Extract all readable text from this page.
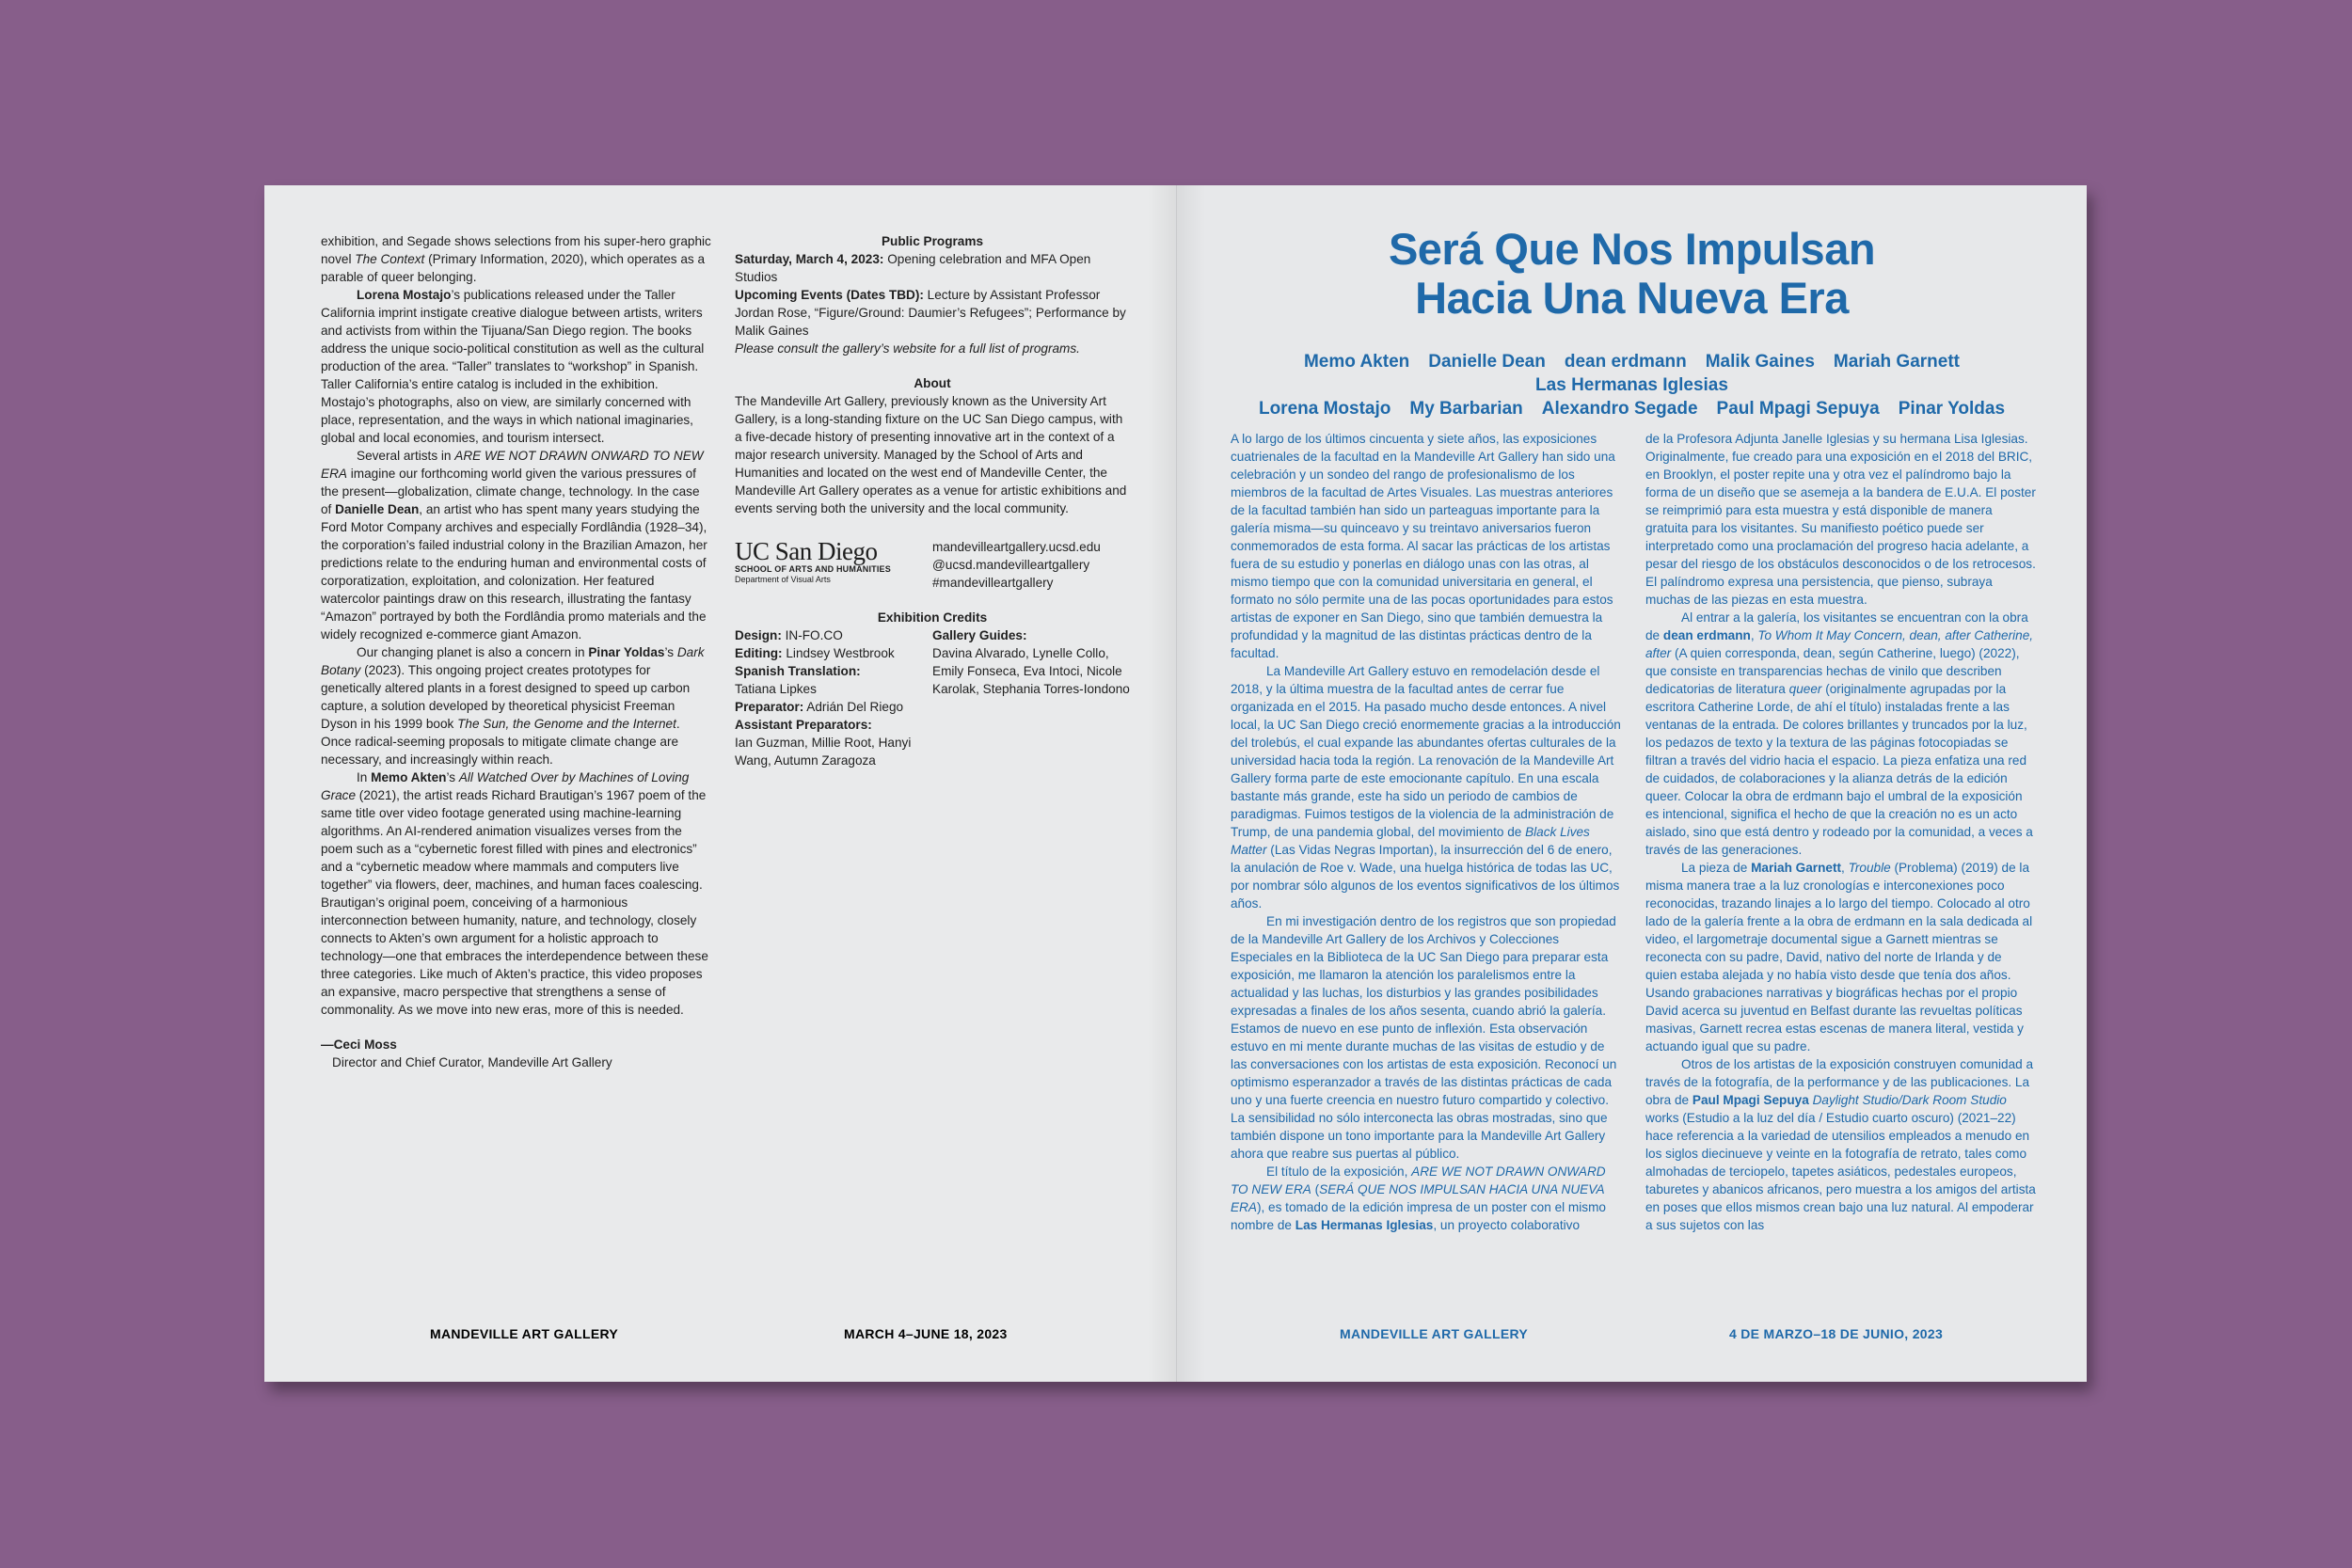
exhibition, and Segade shows selections from his super-hero graphic novel The Context (Primary Information, 2020), which operates as a parable of queer belonging.

Lorena Mostajo’s publications released under the Taller California imprint instigate creative dialogue between artists, writers and activists from within the Tijuana/San Diego region. The books address the unique socio-political constitution as well as the cultural production of the area. “Taller” translates to “workshop” in Spanish. Taller California’s entire catalog is included in the exhibition. Mostajo’s photographs, also on view, are similarly concerned with place, representation, and the ways in which national imaginaries, global and local economies, and tourism intersect.

Several artists in ARE WE NOT DRAWN ONWARD TO NEW ERA imagine our forthcoming world given the various pressures of the present—globalization, climate change, technology. In the case of Danielle Dean, an artist who has spent many years studying the Ford Motor Company archives and especially Fordlândia (1928–34), the corporation’s failed industrial colony in the Brazilian Amazon, her predictions relate to the enduring human and environmental costs of corporatization, exploitation, and colonization. Her featured watercolor paintings draw on this research, illustrating the fantasy “Amazon” portrayed by both the Fordlândia promo materials and the widely recognized e-commerce giant Amazon.

Our changing planet is also a concern in Pinar Yoldas’s Dark Botany (2023). This ongoing project creates prototypes for genetically altered plants in a forest designed to speed up carbon capture, a solution developed by theoretical physicist Freeman Dyson in his 1999 book The Sun, the Genome and the Internet. Once radical-seeming proposals to mitigate climate change are necessary, and increasingly within reach.

In Memo Akten’s All Watched Over by Machines of Loving Grace (2021), the artist reads Richard Brautigan’s 1967 poem of the same title over video footage generated using machine-learning algorithms. An AI-rendered animation visualizes verses from the poem such as a “cybernetic forest filled with pines and electronics” and a “cybernetic meadow where mammals and computers live together” via flowers, deer, machines, and human faces coalescing. Brautigan’s original poem, conceiving of a harmonious interconnection between humanity, nature, and technology, closely connects to Akten’s own argument for a holistic approach to technology—one that embraces the interdependence between these three categories. Like much of Akten’s practice, this video proposes an expansive, macro perspective that strengthens a sense of commonality. As we move into new eras, more of this is needed.

—Ceci Moss

Director and Chief Curator, Mandeville Art Gallery

Public Programs

Saturday, March 4, 2023: Opening celebration and MFA Open Studios

Upcoming Events (Dates TBD): Lecture by Assistant Professor Jordan Rose, “Figure/Ground: Daumier’s Refugees”; Performance by Malik Gaines

Please consult the gallery’s website for a full list of programs.

About

The Mandeville Art Gallery, previously known as the University Art Gallery, is a long-standing fixture on the UC San Diego campus, with a five-decade history of presenting innovative art in the context of a major research university. Managed by the School of Arts and Humanities and located on the west end of Mandeville Center, the Mandeville Art Gallery operates as a venue for artistic exhibitions and events serving both the university and the local community.

UC San Diego
SCHOOL OF ARTS AND HUMANITIES
Department of Visual Arts

mandevilleartgallery.ucsd.edu

@ucsd.mandevilleartgallery

#mandevilleartgallery

Exhibition Credits

Design: IN-FO.CO

Editing: Lindsey Westbrook

Spanish Translation:

Tatiana Lipkes

Preparator: Adrián Del Riego

Assistant Preparators:

Ian Guzman, Millie Root, Hanyi Wang, Autumn Zaragoza

Gallery Guides:

Davina Alvarado, Lynelle Collo, Emily Fonseca, Eva Intoci, Nicole Karolak, Stephania Torres-Iondono

MANDEVILLE ART GALLERY	MARCH 4–JUNE 18, 2023
Será Que Nos Impulsan
Hacia Una Nueva Era
Memo Akten Danielle Dean dean erdmann Malik Gaines Mariah GarnettLas Hermanas Iglesias
Lorena Mostajo My Barbarian Alexandro Segade Paul Mpagi Sepuya Pinar Yoldas

A lo largo de los últimos cincuenta y siete años, las exposiciones cuatrienales de la facultad en la Mandeville Art Gallery han sido una celebración y un sondeo del rango de profesionalismo de los miembros de la facultad de Artes Visuales. Las muestras anteriores de la facultad también han sido un parteaguas importante para la galería misma—su quinceavo y su treintavo aniversarios fueron conmemorados de esta forma. Al sacar las prácticas de los artistas fuera de su estudio y ponerlas en diálogo unas con las otras, al mismo tiempo que con la comunidad universitaria en general, el formato no sólo permite una de las pocas oportunidades para estos artistas de exponer en San Diego, sino que también demuestra la profundidad y la magnitud de las distintas prácticas dentro de la facultad.

La Mandeville Art Gallery estuvo en remodelación desde el 2018, y la última muestra de la facultad antes de cerrar fue organizada en el 2015. Ha pasado mucho desde entonces. A nivel local, la UC San Diego creció enormemente gracias a la introducción del trolebús, el cual expande las abundantes ofertas culturales de la universidad hacia toda la región. La renovación de la Mandeville Art Gallery forma parte de este emocionante capítulo. En una escala bastante más grande, este ha sido un periodo de cambios de paradigmas. Fuimos testigos de la violencia de la administración de Trump, de una pandemia global, del movimiento de Black Lives Matter (Las Vidas Negras Importan), la insurrección del 6 de enero, la anulación de Roe v. Wade, una huelga histórica de todas las UC, por nombrar sólo algunos de los eventos significativos de los últimos años.

En mi investigación dentro de los registros que son propiedad de la Mandeville Art Gallery de los Archivos y Colecciones Especiales en la Biblioteca de la UC San Diego para preparar esta exposición, me llamaron la atención los paralelismos entre la actualidad y las luchas, los disturbios y las grandes posibilidades expresadas a finales de los años sesenta, cuando abrió la galería. Estamos de nuevo en ese punto de inflexión. Esta observación estuvo en mi mente durante muchas de las visitas de estudio y de las conversaciones con los artistas de esta exposición. Reconocí un optimismo esperanzador a través de las distintas prácticas de cada uno y una fuerte creencia en nuestro futuro compartido y colectivo. La sensibilidad no sólo interconecta las obras mostradas, sino que también dispone un tono importante para la Mandeville Art Gallery ahora que reabre sus puertas al público.

El título de la exposición, ARE WE NOT DRAWN ONWARD TO NEW ERA (SERÁ QUE NOS IMPULSAN HACIA UNA NUEVA ERA), es tomado de la edición impresa de un poster con el mismo nombre de Las Hermanas Iglesias, un proyecto colaborativo

de la Profesora Adjunta Janelle Iglesias y su hermana Lisa Iglesias. Originalmente, fue creado para una exposición en el 2018 del BRIC, en Brooklyn, el poster repite una y otra vez el palíndromo bajo la forma de un diseño que se asemeja a la bandera de E.U.A. El poster se reimprimió para esta muestra y está disponible de manera gratuita para los visitantes. Su manifiesto poético puede ser interpretado como una proclamación del progreso hacia adelante, a pesar del riesgo de los obstáculos desconocidos o de los retrocesos. El palíndromo expresa una persistencia, que pienso, subraya muchas de las piezas en esta muestra.

Al entrar a la galería, los visitantes se encuentran con la obra de dean erdmann, To Whom It May Concern, dean, after Catherine, after (A quien corresponda, dean, según Catherine, luego) (2022), que consiste en transparencias hechas de vinilo que describen dedicatorias de literatura queer (originalmente agrupadas por la escritora Catherine Lorde, de ahí el título) instaladas frente a las ventanas de la entrada. De colores brillantes y truncados por la luz, los pedazos de texto y la textura de las páginas fotocopiadas se filtran a través del vidrio hacia el espacio. La pieza enfatiza una red de cuidados, de colaboraciones y la alianza detrás de la edición queer. Colocar la obra de erdmann bajo el umbral de la exposición es intencional, significa el hecho de que la creación no es un acto aislado, sino que está dentro y rodeado por la comunidad, a veces a través de las generaciones.

La pieza de Mariah Garnett, Trouble (Problema) (2019) de la misma manera trae a la luz cronologías e interconexiones poco reconocidas, trazando linajes a lo largo del tiempo. Colocado al otro lado de la galería frente a la obra de erdmann en la sala dedicada al video, el largometraje documental sigue a Garnett mientras se reconecta con su padre, David, nativo del norte de Irlanda y de quien estaba alejada y no había visto desde que tenía dos años. Usando grabaciones narrativas y biográficas hechas por el propio David acerca su juventud en Belfast durante las revueltas políticas masivas, Garnett recrea estas escenas de manera literal, vestida y actuando igual que su padre.

Otros de los artistas de la exposición construyen comunidad a través de la fotografía, de la performance y de las publicaciones. La obra de Paul Mpagi Sepuya Daylight Studio/Dark Room Studio works (Estudio a la luz del día / Estudio cuarto oscuro) (2021–22) hace referencia a la variedad de utensilios empleados a menudo en los siglos diecinueve y veinte en la fotografía de retrato, tales como almohadas de terciopelo, tapetes asiáticos, pedestales europeos, taburetes y abanicos africanos, pero muestra a los amigos del artista en poses que ellos mismos crean bajo una luz natural. Al empoderar a sus sujetos con las

MANDEVILLE ART GALLERY	4 DE MARZO–18 DE JUNIO, 2023
